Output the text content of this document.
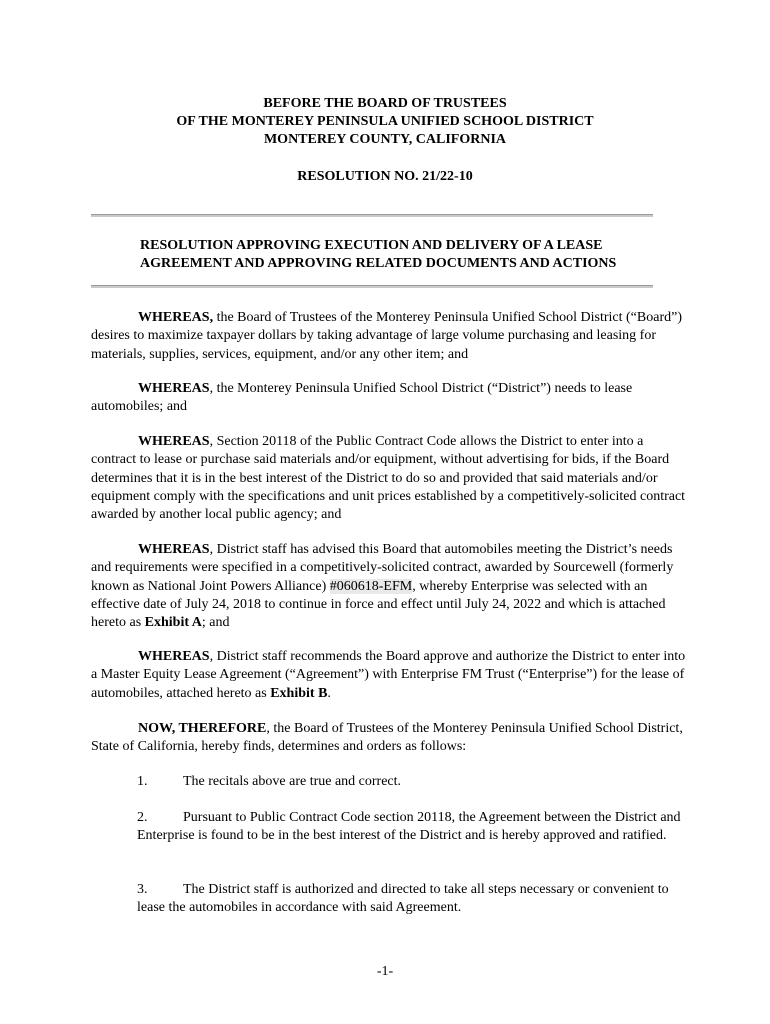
BEFORE THE BOARD OF TRUSTEES
OF THE MONTEREY PENINSULA UNIFIED SCHOOL DISTRICT
MONTEREY COUNTY, CALIFORNIA
RESOLUTION NO. 21/22-10
RESOLUTION APPROVING EXECUTION AND DELIVERY OF A LEASE
AGREEMENT AND APPROVING RELATED DOCUMENTS AND ACTIONS
WHEREAS, the Board of Trustees of the Monterey Peninsula Unified School District (“Board”) desires to maximize taxpayer dollars by taking advantage of large volume purchasing and leasing for materials, supplies, services, equipment, and/or any other item; and
WHEREAS, the Monterey Peninsula Unified School District (“District”) needs to lease automobiles; and
WHEREAS, Section 20118 of the Public Contract Code allows the District to enter into a contract to lease or purchase said materials and/or equipment, without advertising for bids, if the Board determines that it is in the best interest of the District to do so and provided that said materials and/or equipment comply with the specifications and unit prices established by a competitively-solicited contract awarded by another local public agency; and
WHEREAS, District staff has advised this Board that automobiles meeting the District’s needs and requirements were specified in a competitively-solicited contract, awarded by Sourcewell (formerly known as National Joint Powers Alliance) #060618-EFM, whereby Enterprise was selected with an effective date of July 24, 2018 to continue in force and effect until July 24, 2022 and which is attached hereto as Exhibit A; and
WHEREAS, District staff recommends the Board approve and authorize the District to enter into a Master Equity Lease Agreement (“Agreement”) with Enterprise FM Trust (“Enterprise”) for the lease of automobiles, attached hereto as Exhibit B.
NOW, THEREFORE, the Board of Trustees of the Monterey Peninsula Unified School District, State of California, hereby finds, determines and orders as follows:
1.	The recitals above are true and correct.
2.	Pursuant to Public Contract Code section 20118, the Agreement between the District and Enterprise is found to be in the best interest of the District and is hereby approved and ratified.
3.	The District staff is authorized and directed to take all steps necessary or convenient to lease the automobiles in accordance with said Agreement.
-1-
